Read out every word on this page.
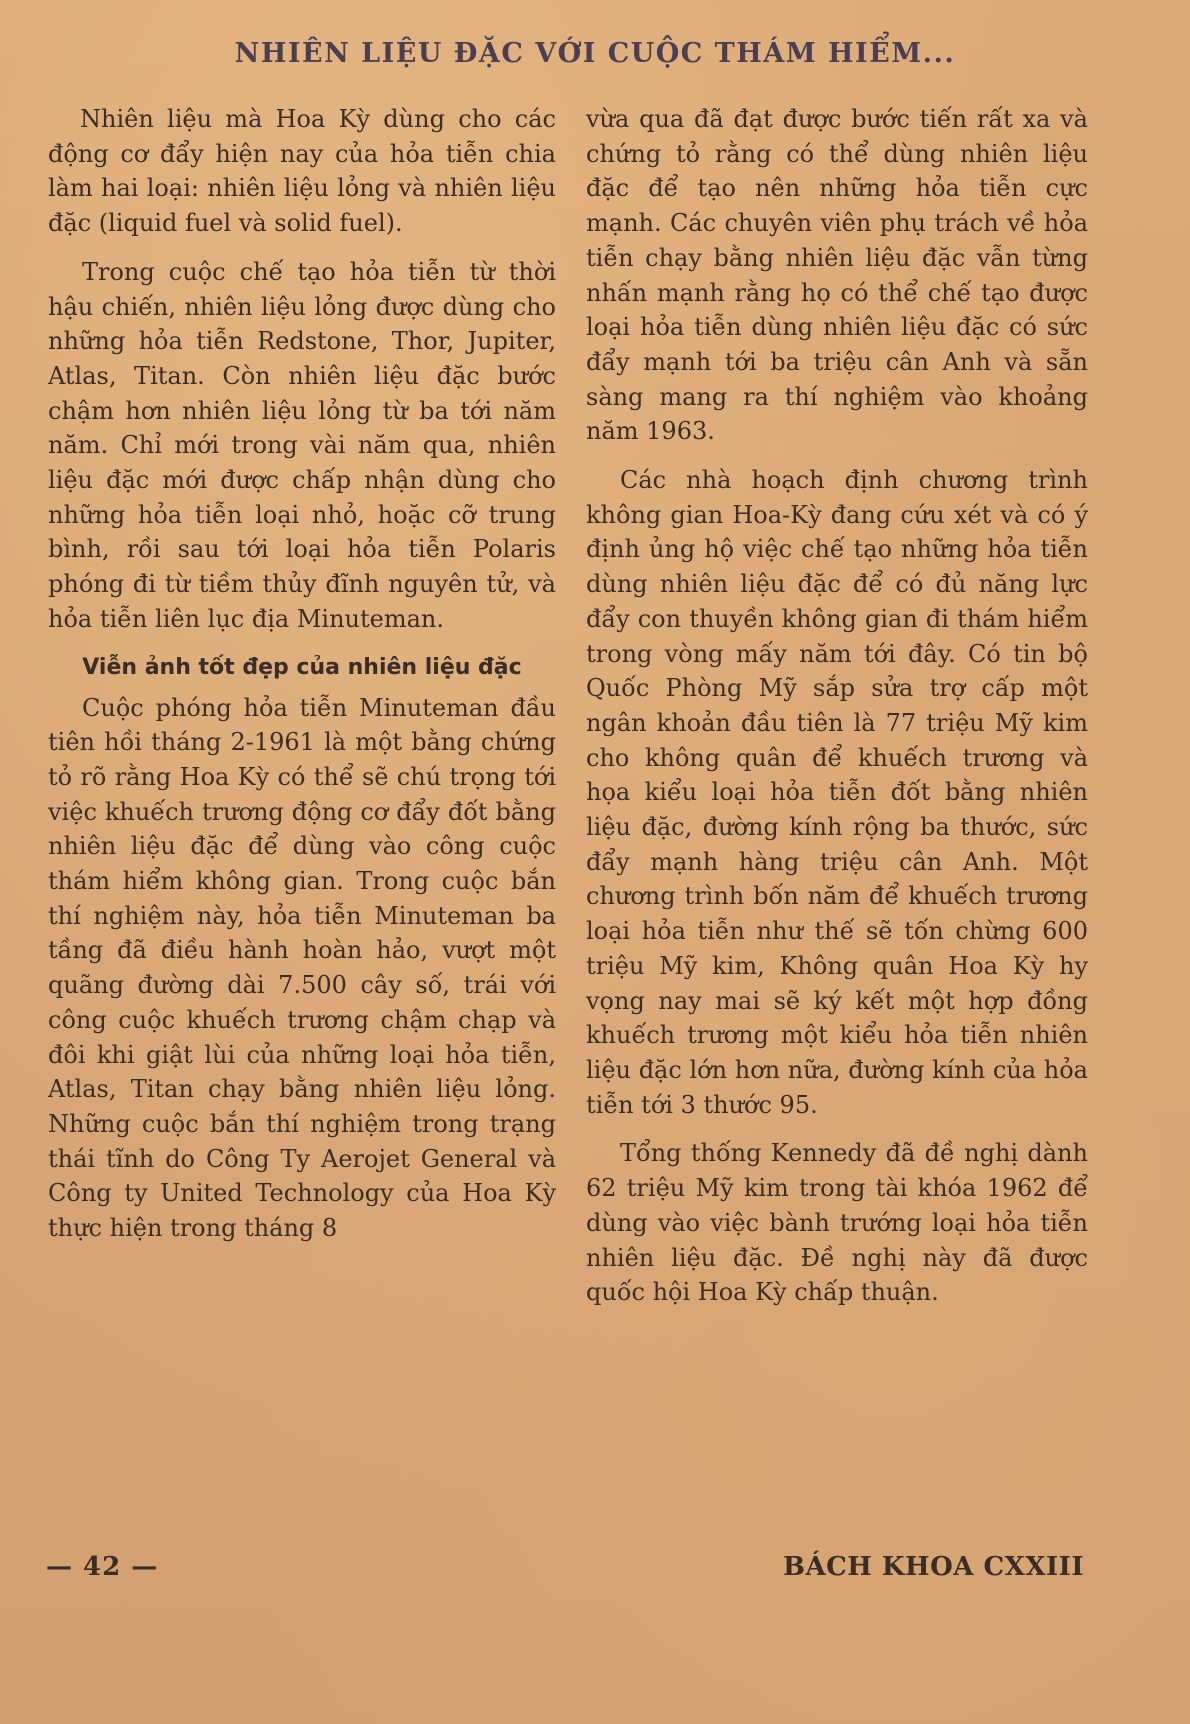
NHIÊN LIỆU ĐẶC VỚI CUỘC THÁM HIỂM...

Nhiên liệu mà Hoa Kỳ dùng cho các động cơ đẩy hiện nay của hỏa tiễn chia làm hai loại: nhiên liệu lỏng và nhiên liệu đặc (liquid fuel và solid fuel).

Trong cuộc chế tạo hỏa tiễn từ thời hậu chiến, nhiên liệu lỏng được dùng cho những hỏa tiễn Redstone, Thor, Jupiter, Atlas, Titan. Còn nhiên liệu đặc bước chậm hơn nhiên liệu lỏng từ ba tới năm năm. Chỉ mới trong vài năm qua, nhiên liệu đặc mới được chấp nhận dùng cho những hỏa tiễn loại nhỏ, hoặc cỡ trung bình, rồi sau tới loại hỏa tiễn Polaris phóng đi từ tiềm thủy đĩnh nguyên tử, và hỏa tiễn liên lục địa Minuteman.

Viễn ảnh tốt đẹp của nhiên liệu đặc

Cuộc phóng hỏa tiễn Minuteman đầu tiên hồi tháng 2-1961 là một bằng chứng tỏ rõ rằng Hoa Kỳ có thể sẽ chú trọng tới việc khuếch trương động cơ đẩy đốt bằng nhiên liệu đặc để dùng vào công cuộc thám hiểm không gian. Trong cuộc bắn thí nghiệm này, hỏa tiễn Minuteman ba tầng đã điều hành hoàn hảo, vượt một quãng đường dài 7.500 cây số, trái với công cuộc khuếch trương chậm chạp và đôi khi giật lùi của những loại hỏa tiễn, Atlas, Titan chạy bằng nhiên liệu lỏng. Những cuộc bắn thí nghiệm trong trạng thái tĩnh do Công Ty Aerojet General và Công ty United Technology của Hoa Kỳ thực hiện trong tháng 8

vừa qua đã đạt được bước tiến rất xa và chứng tỏ rằng có thể dùng nhiên liệu đặc để tạo nên những hỏa tiễn cực mạnh. Các chuyên viên phụ trách về hỏa tiễn chạy bằng nhiên liệu đặc vẫn từng nhấn mạnh rằng họ có thể chế tạo được loại hỏa tiễn dùng nhiên liệu đặc có sức đẩy mạnh tới ba triệu cân Anh và sẵn sàng mang ra thí nghiệm vào khoảng năm 1963.

Các nhà hoạch định chương trình không gian Hoa-Kỳ đang cứu xét và có ý định ủng hộ việc chế tạo những hỏa tiễn dùng nhiên liệu đặc để có đủ năng lực đẩy con thuyền không gian đi thám hiểm trong vòng mấy năm tới đây. Có tin bộ Quốc Phòng Mỹ sắp sửa trợ cấp một ngân khoản đầu tiên là 77 triệu Mỹ kim cho không quân để khuếch trương và họa kiểu loại hỏa tiễn đốt bằng nhiên liệu đặc, đường kính rộng ba thước, sức đẩy mạnh hàng triệu cân Anh. Một chương trình bốn năm để khuếch trương loại hỏa tiễn như thế sẽ tốn chừng 600 triệu Mỹ kim, Không quân Hoa Kỳ hy vọng nay mai sẽ ký kết một hợp đồng khuếch trương một kiểu hỏa tiễn nhiên liệu đặc lớn hơn nữa, đường kính của hỏa tiễn tới 3 thước 95.

Tổng thống Kennedy đã đề nghị dành 62 triệu Mỹ kim trong tài khóa 1962 để dùng vào việc bành trướng loại hỏa tiễn nhiên liệu đặc. Đề nghị này đã được quốc hội Hoa Kỳ chấp thuận.

— 42 —	BÁCH KHOA CXXIII
